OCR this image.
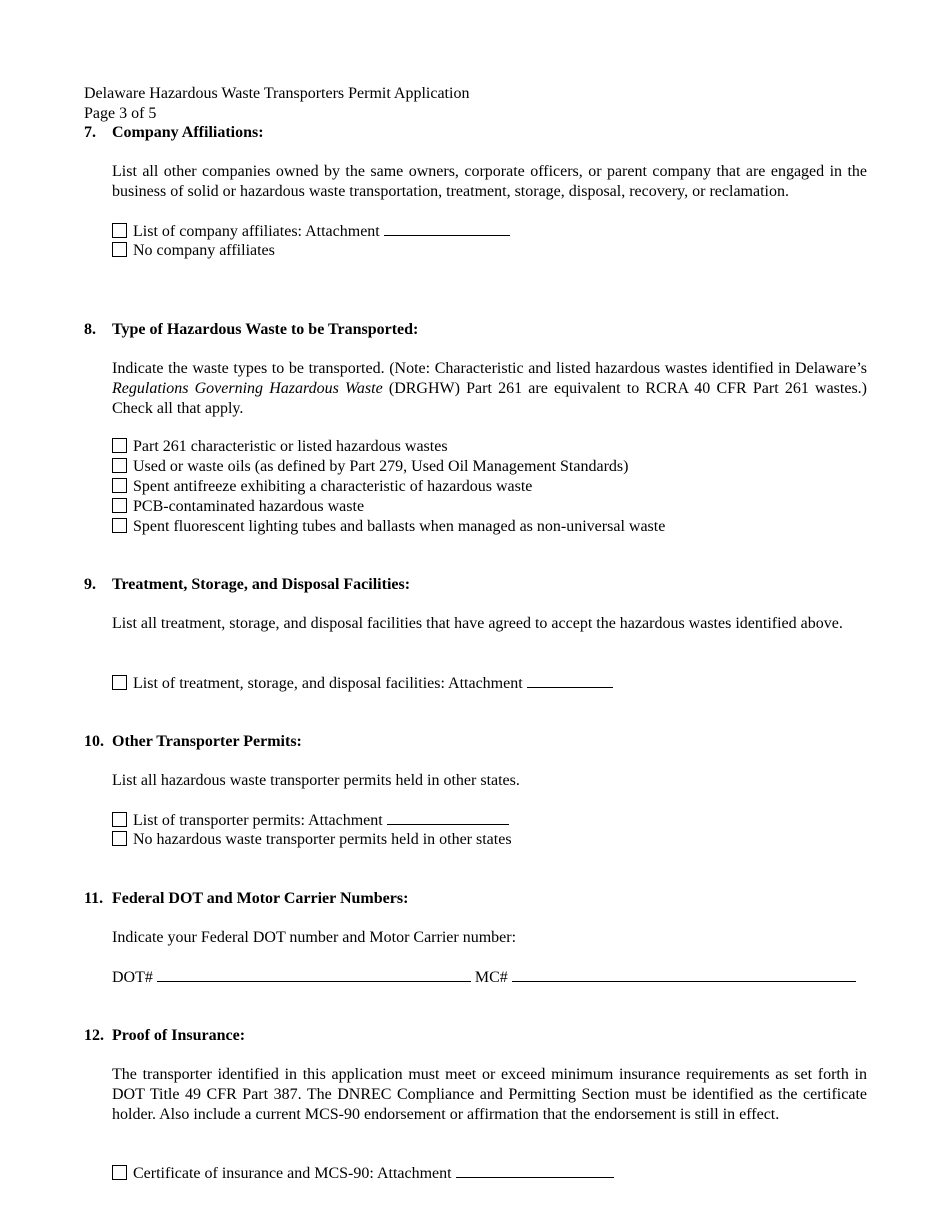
Delaware Hazardous Waste Transporters Permit Application
Page 3 of 5
7. Company Affiliations:
List all other companies owned by the same owners, corporate officers, or parent company that are engaged in the business of solid or hazardous waste transportation, treatment, storage, disposal, recovery, or reclamation.
List of company affiliates: Attachment
No company affiliates
8. Type of Hazardous Waste to be Transported:
Indicate the waste types to be transported. (Note: Characteristic and listed hazardous wastes identified in Delaware’s Regulations Governing Hazardous Waste (DRGHW) Part 261 are equivalent to RCRA 40 CFR Part 261 wastes.) Check all that apply.
Part 261 characteristic or listed hazardous wastes
Used or waste oils (as defined by Part 279, Used Oil Management Standards)
Spent antifreeze exhibiting a characteristic of hazardous waste
PCB-contaminated hazardous waste
Spent fluorescent lighting tubes and ballasts when managed as non-universal waste
9. Treatment, Storage, and Disposal Facilities:
List all treatment, storage, and disposal facilities that have agreed to accept the hazardous wastes identified above.
List of treatment, storage, and disposal facilities: Attachment
10. Other Transporter Permits:
List all hazardous waste transporter permits held in other states.
List of transporter permits: Attachment
No hazardous waste transporter permits held in other states
11. Federal DOT and Motor Carrier Numbers:
Indicate your Federal DOT number and Motor Carrier number:
DOT#	MC#
12. Proof of Insurance:
The transporter identified in this application must meet or exceed minimum insurance requirements as set forth in DOT Title 49 CFR Part 387. The DNREC Compliance and Permitting Section must be identified as the certificate holder. Also include a current MCS-90 endorsement or affirmation that the endorsement is still in effect.
Certificate of insurance and MCS-90: Attachment
